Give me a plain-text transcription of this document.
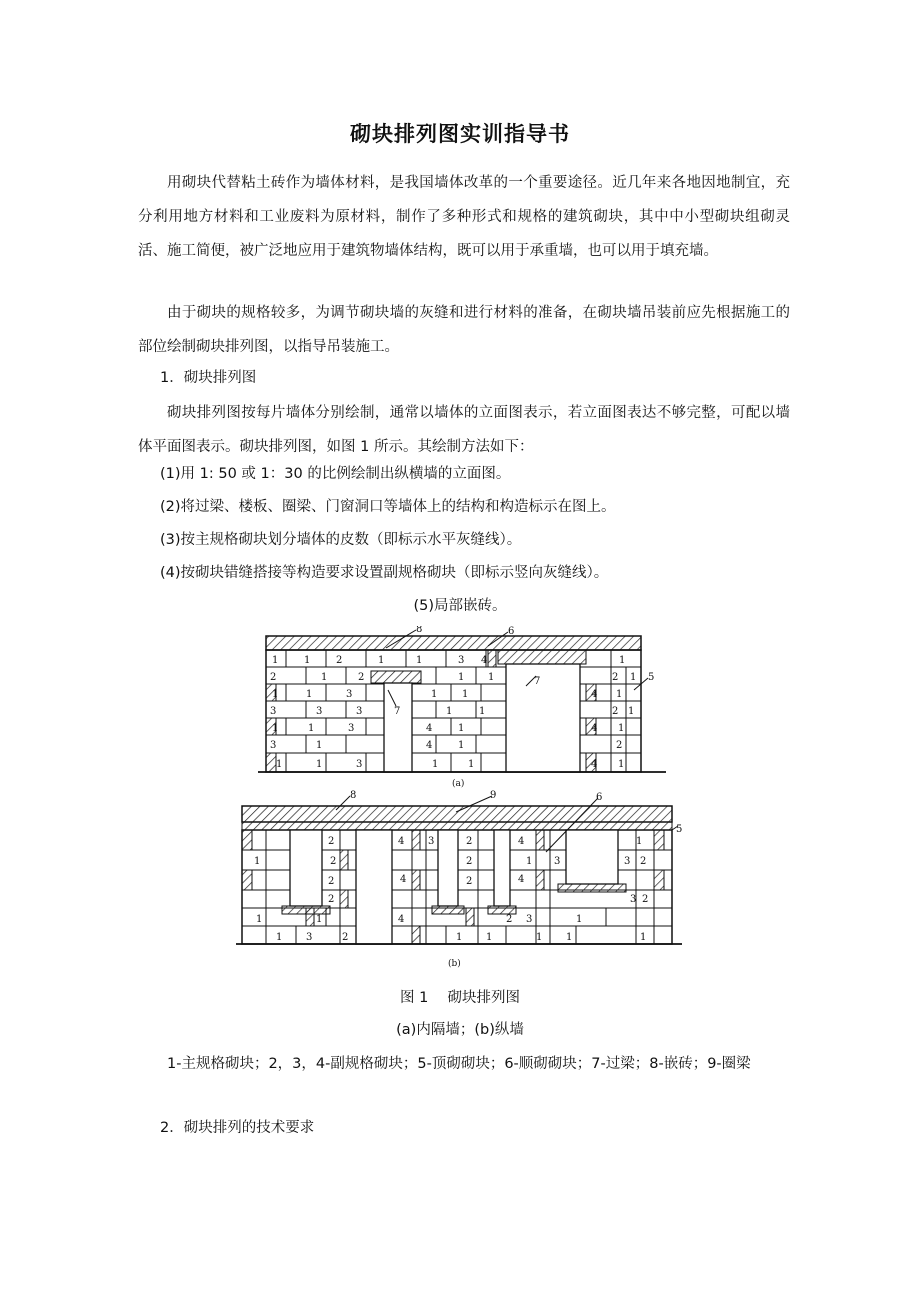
砌块排列图实训指导书

用砌块代替粘土砖作为墙体材料，是我国墙体改革的一个重要途径。近几年来各地因地制宜，充分利用地方材料和工业废料为原材料，制作了多种形式和规格的建筑砌块，其中中小型砌块组砌灵活、施工简便，被广泛地应用于建筑物墙体结构，既可以用于承重墙，也可以用于填充墙。

由于砌块的规格较多，为调节砌块墙的灰缝和进行材料的准备，在砌块墙吊装前应先根据施工的部位绘制砌块排列图，以指导吊装施工。

1．砌块排列图

砌块排列图按每片墙体分别绘制，通常以墙体的立面图表示，若立面图表达不够完整，可配以墙体平面图表示。砌块排列图，如图 1 所示。其绘制方法如下：

(1)用 1: 50 或 1：30 的比例绘制出纵横墙的立面图。
(2)将过梁、楼板、圈梁、门窗洞口等墙体上的结构和构造标示在图上。
(3)按主规格砌块划分墙体的皮数（即标示水平灰缝线）。
(4)按砌块错缝搭接等构造要求设置副规格砌块（即标示竖向灰缝线）。
(5)局部嵌砖。
1	1	2	1	1	3 4	1
2	1	2	1 1	2 1
1	1	3	1 1	4 1
3	3	3	1	1	2 1
1	1	3	4	1	4 1
3	1	4	1	2
1	1	3	1	1	4 1
8	6
7
7
5
(a)
1
2
2
2
2
4 3
4
2
2
2
4
1 3
4
1
3 2
3 2
1	1	4	2 3	1
1 3	2	1 1	1 1	1
8	9	6
5
(b)
图 1　 砌块排列图
(a)内隔墙；(b)纵墙

1-主规格砌块；2，3，4-副规格砌块；5-顶砌砌块；6-顺砌砌块；7-过梁；8-嵌砖；9-圈梁

2．砌块排列的技术要求
